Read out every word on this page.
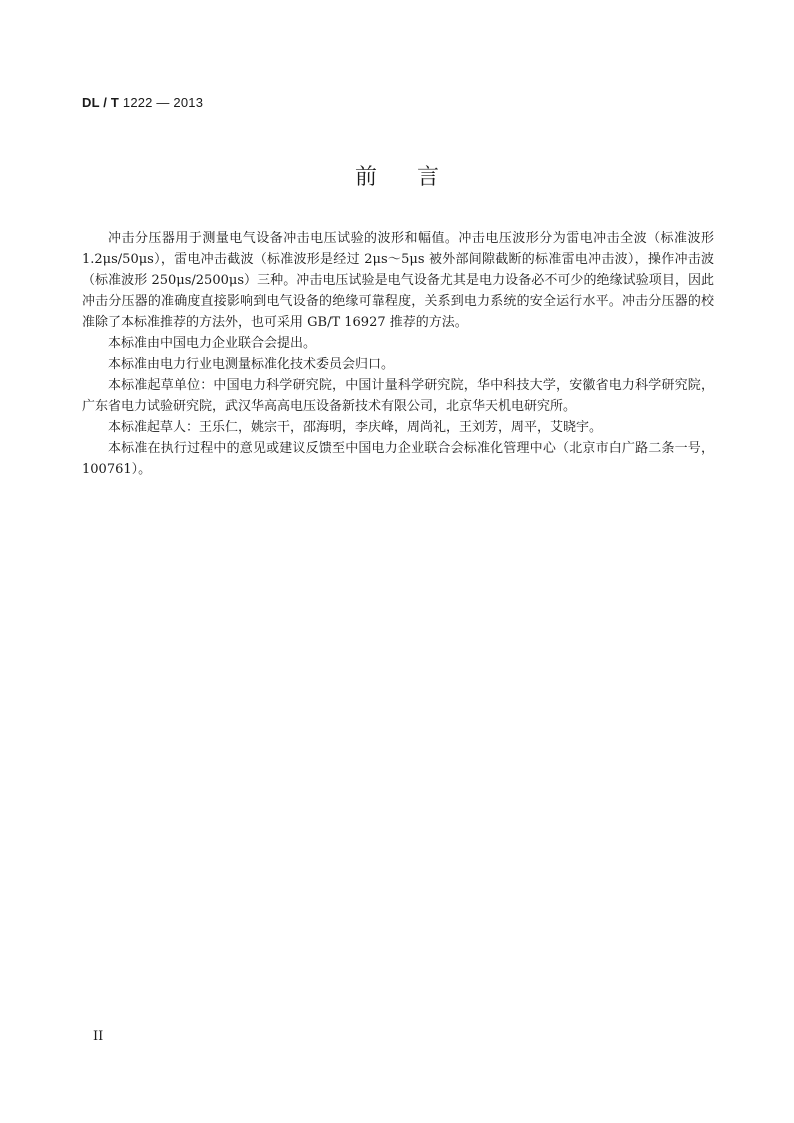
DL / T 1222 — 2013
前言

冲击分压器用于测量电气设备冲击电压试验的波形和幅值。冲击电压波形分为雷电冲击全波（标准波形 1.2μs/50μs），雷电冲击截波（标准波形是经过 2μs～5μs 被外部间隙截断的标准雷电冲击波），操作冲击波（标准波形 250μs/2500μs）三种。冲击电压试验是电气设备尤其是电力设备必不可少的绝缘试验项目，因此冲击分压器的准确度直接影响到电气设备的绝缘可靠程度，关系到电力系统的安全运行水平。冲击分压器的校准除了本标准推荐的方法外，也可采用 GB/T 16927 推荐的方法。

本标准由中国电力企业联合会提出。

本标准由电力行业电测量标准化技术委员会归口。

本标准起草单位：中国电力科学研究院，中国计量科学研究院，华中科技大学，安徽省电力科学研究院，广东省电力试验研究院，武汉华高高电压设备新技术有限公司，北京华天机电研究所。

本标准起草人：王乐仁，姚宗干，邵海明，李庆峰，周尚礼，王刘芳，周平，艾晓宇。

本标准在执行过程中的意见或建议反馈至中国电力企业联合会标准化管理中心（北京市白广路二条一号，100761）。

II
